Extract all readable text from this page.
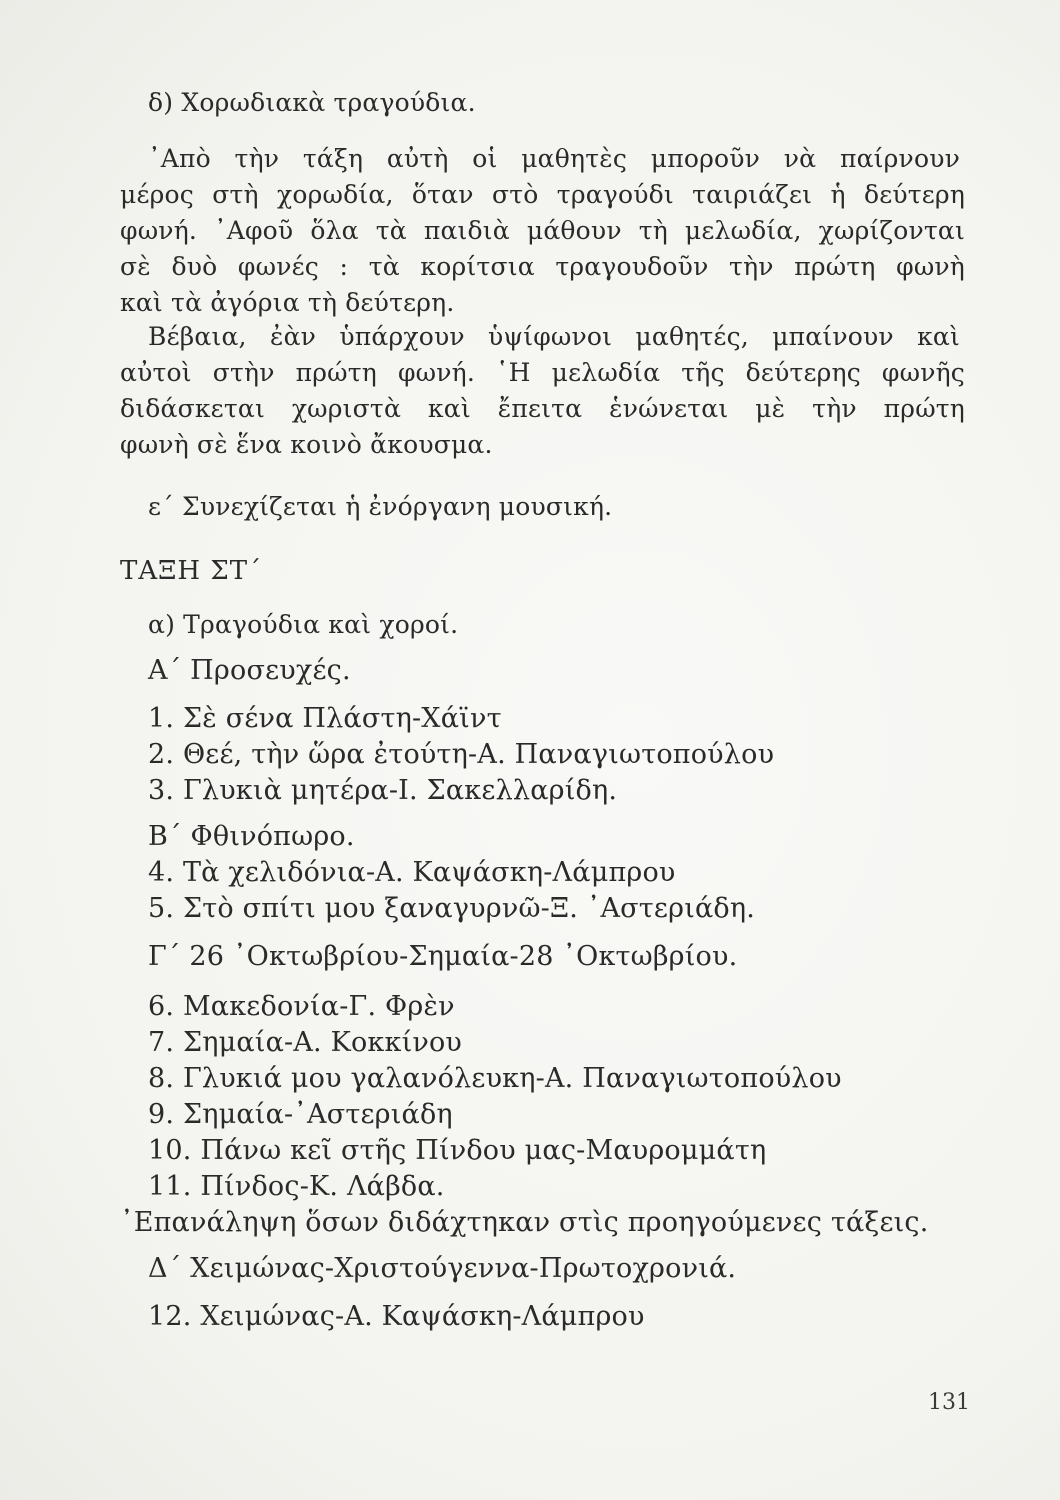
δ) Χορωδιακὰ τραγούδια.
᾿Απὸ τὴν τάξη αὐτὴ οἱ μαθητὲς μποροῦν νὰ παίρνουν
μέρος στὴ χορωδία, ὅταν στὸ τραγούδι ταιριάζει ἡ δεύτερη
φωνή. ᾿Αφοῦ ὅλα τὰ παιδιὰ μάθουν τὴ μελωδία, χωρίζονται
σὲ δυὸ φωνές : τὰ κορίτσια τραγουδοῦν τὴν πρώτη φωνὴ
καὶ τὰ ἀγόρια τὴ δεύτερη.
Βέβαια, ἐὰν ὑπάρχουν ὑψίφωνοι μαθητές, μπαίνουν καὶ
αὐτοὶ στὴν πρώτη φωνή. ῾Η μελωδία τῆς δεύτερης φωνῆς
διδάσκεται χωριστὰ καὶ ἔπειτα ἑνώνεται μὲ τὴν πρώτη
φωνὴ σὲ ἕνα κοινὸ ἄκουσμα.
ε΄ Συνεχίζεται ἡ ἐνόργανη μουσική.
ΤΑΞΗ ΣΤ΄
α) Τραγούδια καὶ χοροί.
Α΄ Προσευχές.
1. Σὲ σένα Πλάστη-Χάϊντ
2. Θεέ, τὴν ὥρα ἐτούτη-Α. Παναγιωτοπούλου
3. Γλυκιὰ μητέρα-Ι. Σακελλαρίδη.
Β΄ Φθινόπωρο.
4. Τὰ χελιδόνια-Α. Καψάσκη-Λάμπρου
5. Στὸ σπίτι μου ξαναγυρνῶ-Ξ. ᾿Αστεριάδη.
Γ΄ 26 ᾿Οκτωβρίου-Σημαία-28 ᾿Οκτωβρίου.
6. Μακεδονία-Γ. Φρὲν
7. Σημαία-Α. Κοκκίνου
8. Γλυκιά μου γαλανόλευκη-Α. Παναγιωτοπούλου
9. Σημαία-᾿Αστεριάδη
10. Πάνω κεῖ στῆς Πίνδου μας-Μαυρομμάτη
11. Πίνδος-Κ. Λάβδα.
᾿Επανάληψη ὅσων διδάχτηκαν στὶς προηγούμενες τάξεις.
Δ΄ Χειμώνας-Χριστούγεννα-Πρωτοχρονιά.
12. Χειμώνας-Α. Καψάσκη-Λάμπρου
131
